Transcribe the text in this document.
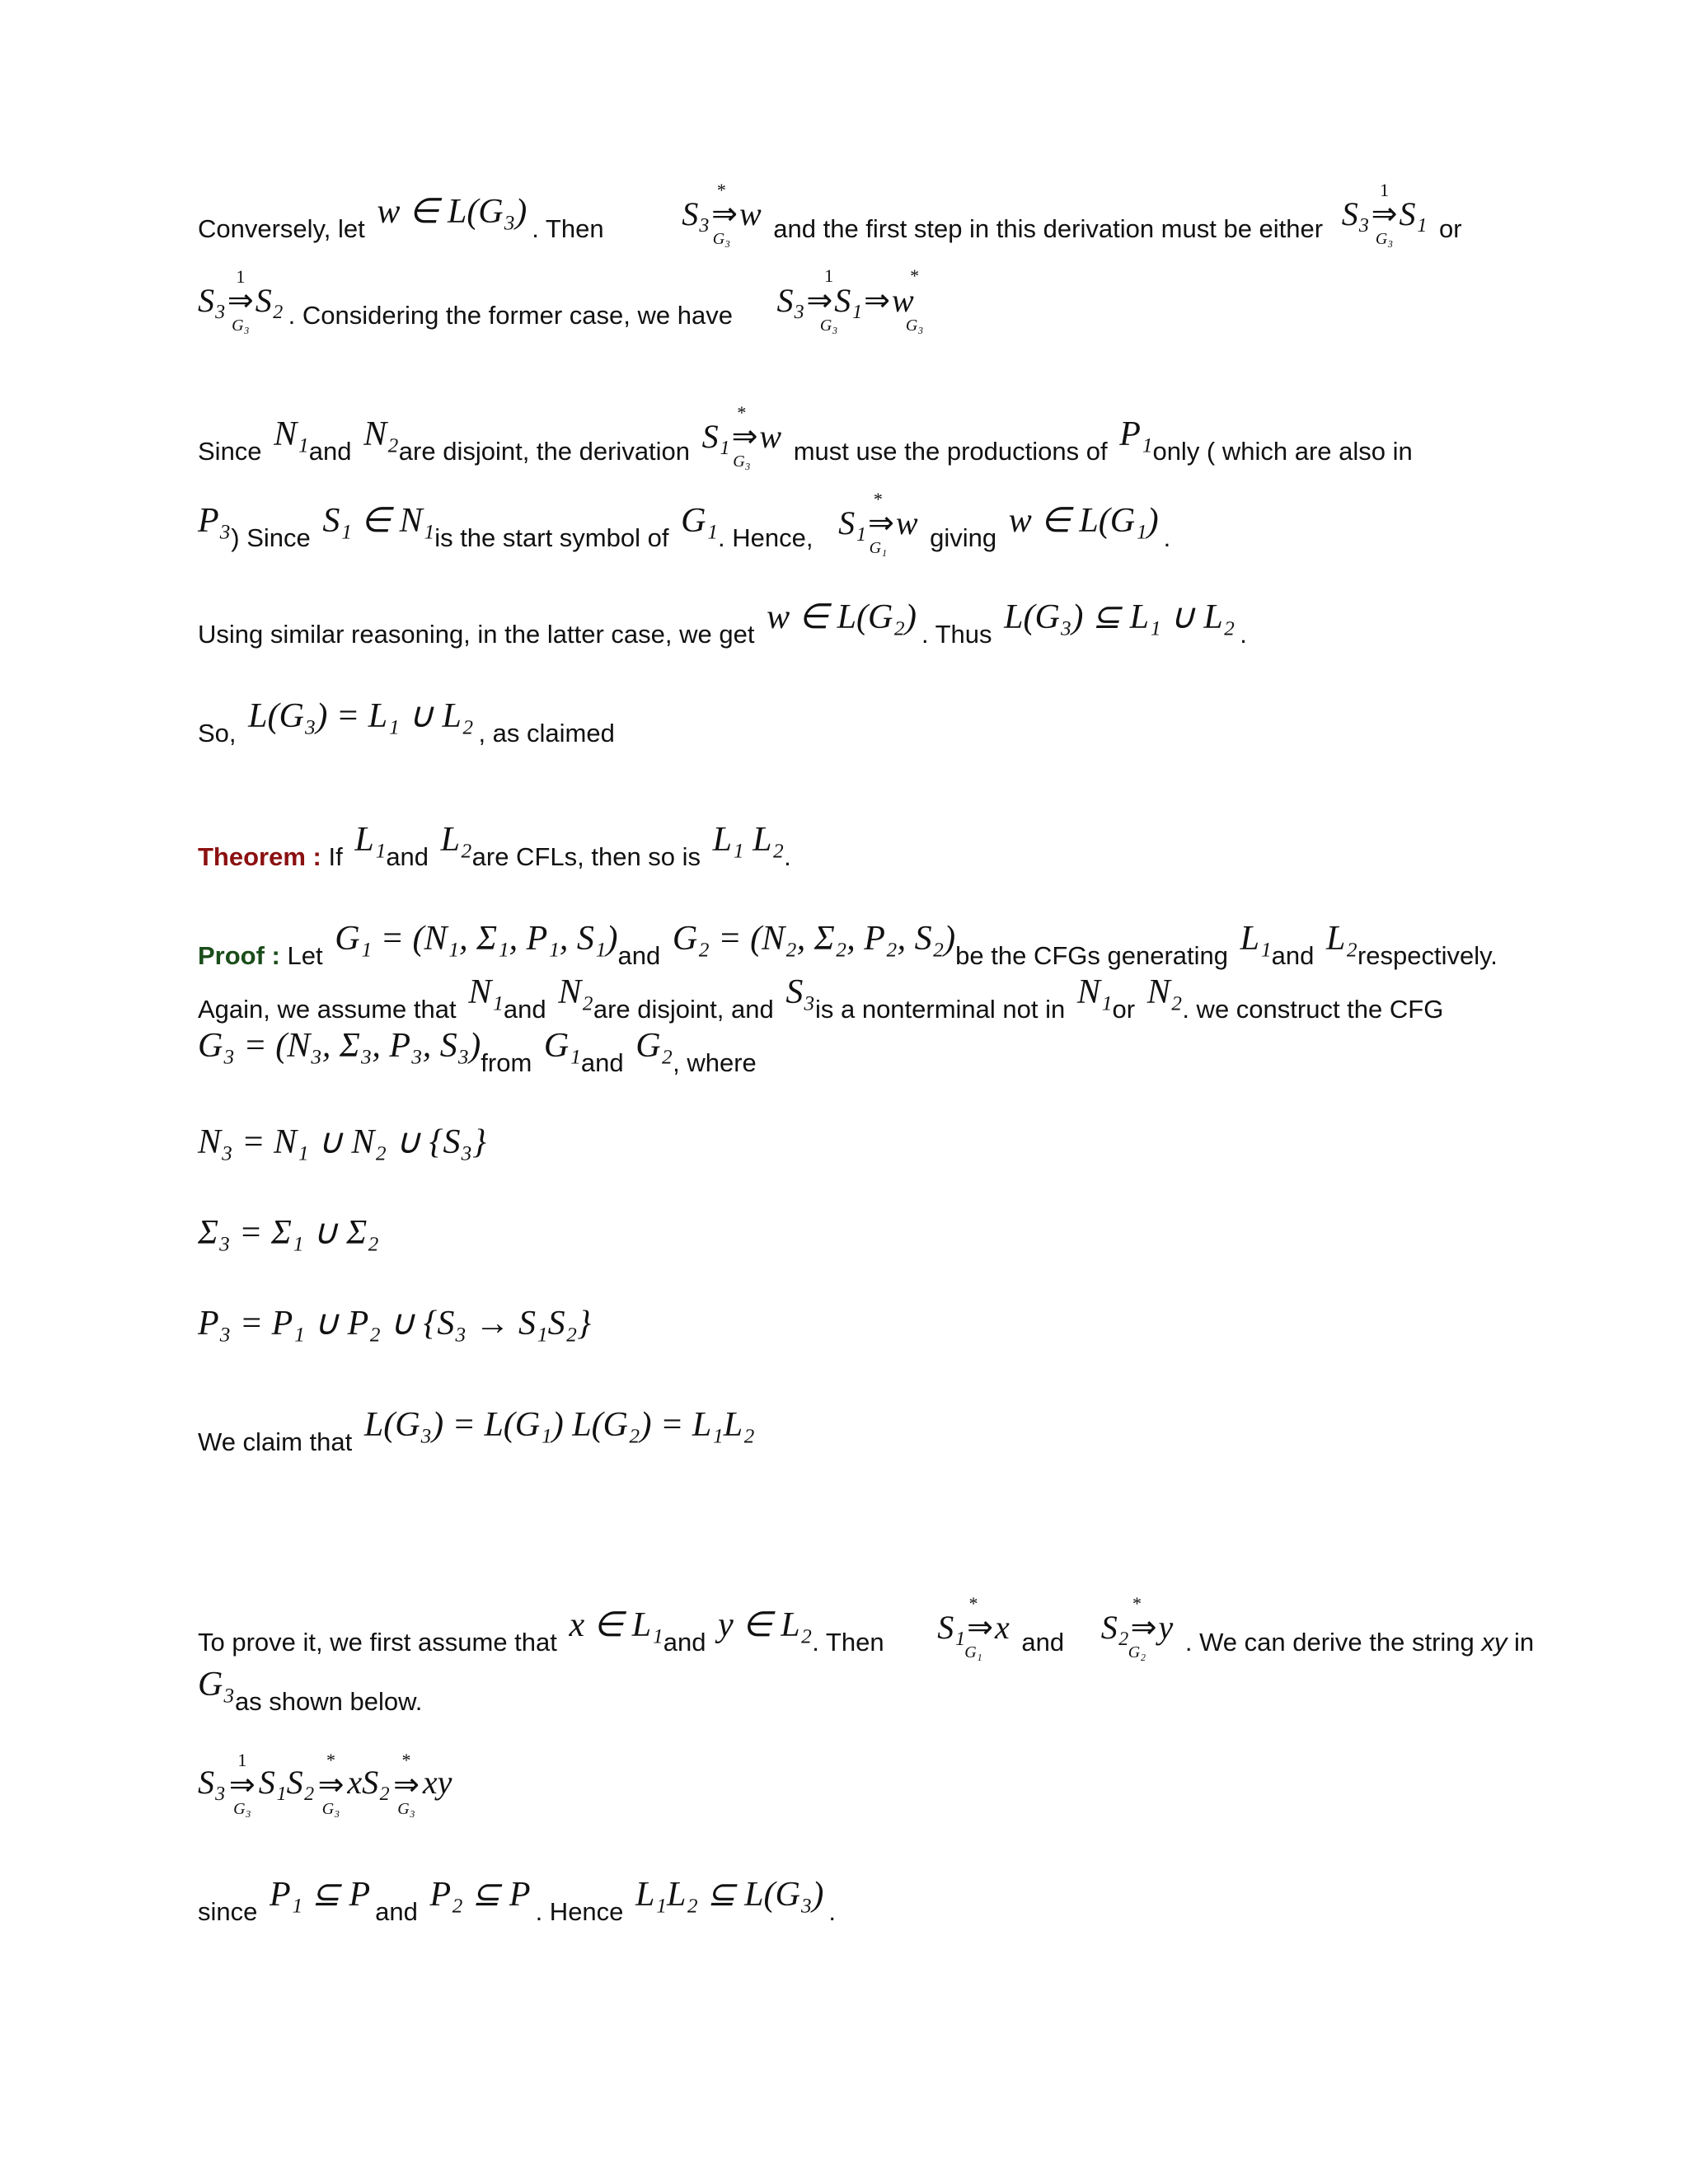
Conversely, let w ∈ L(G₃) . Then
*
S₃ ⇒ w
G₃ and the first step in this derivation must be either
1
S₃ ⇒ S₁
G₃ or
1
S₃ ⇒ S₂
G₃ . Considering the former case, we have
1	*
S₃ ⇒ S₁ ⇒ w
G₃	G₃
Since N₁and N₂are disjoint, the derivation
*
S₁ ⇒ w
G₃ must use the productions of P₁only ( which are also in
P₃) Since S₁ ∈ N₁is the start symbol of G₁. Hence,
*
S₁ ⇒ w
G₁ giving w ∈ L(G₁) .
Using similar reasoning, in the latter case, we get w ∈ L(G₂) . Thus L(G₃) ⊆ L₁ ∪ L₂ .
So, L(G₃) = L₁ ∪ L₂ , as claimed
Theorem : If L₁and L₂are CFLs, then so is L₁ L₂.
Proof : Let G₁ = (N₁, Σ₁, P₁, S₁)and G₂ = (N₂, Σ₂, P₂, S₂)be the CFGs generating L₁and L₂respectively.
Again, we assume that N₁and N₂are disjoint, and S₃is a nonterminal not in N₁or N₂. we construct the CFG
G₃ = (N₃, Σ₃, P₃, S₃)from G₁and G₂, where
N₃ = N₁ ∪ N₂ ∪ {S₃}
Σ₃ = Σ₁ ∪ Σ₂
P₃ = P₁ ∪ P₂ ∪ {S₃ → S₁S₂}
We claim that L(G₃) = L(G₁) L(G₂) = L₁L₂
To prove it, we first assume that x ∈ L₁and y ∈ L₂. Then
*
S₁ ⇒ x
G₁ and
*
S₂ ⇒ y
G₂ . We can derive the string xy in
G₃as shown below.
S₃
1
⇒
G₃
S₁S₂
*
⇒
G₃
xS₂
*
⇒
G₃
xy
since P₁ ⊆ P and P₂ ⊆ P . Hence L₁L₂ ⊆ L(G₃) .
